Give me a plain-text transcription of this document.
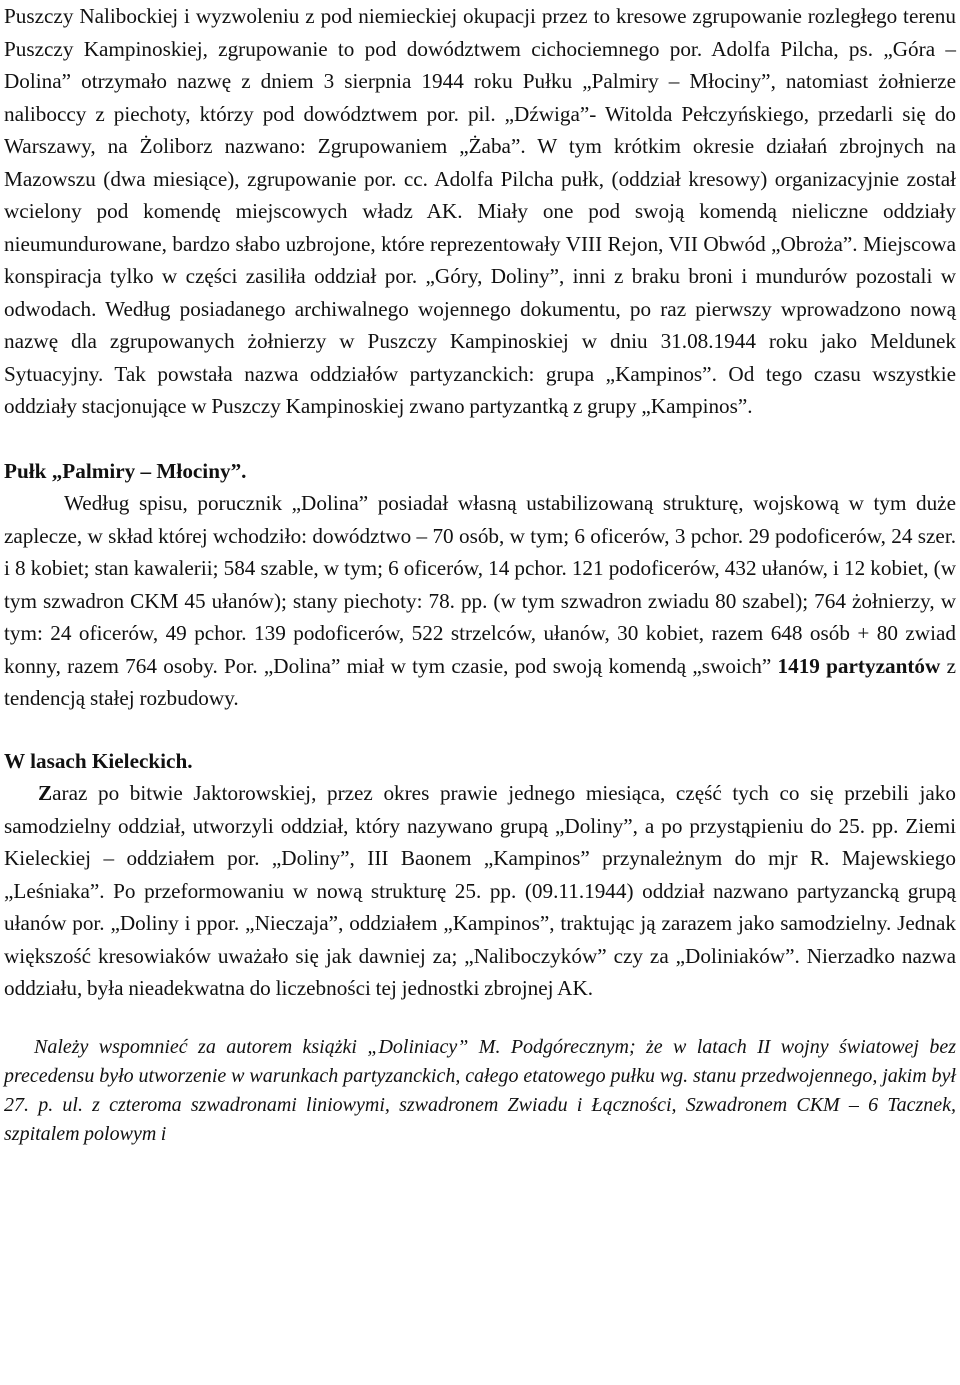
Puszczy Nalibockiej i wyzwoleniu z pod niemieckiej okupacji przez to kresowe zgrupowanie rozległego terenu Puszczy Kampinoskiej, zgrupowanie to pod dowództwem cichociemnego por. Adolfa Pilcha, ps. „Góra – Dolina” otrzymało nazwę z dniem 3 sierpnia 1944 roku Pułku „Palmiry – Młociny”, natomiast żołnierze naliboccy z piechoty, którzy pod dowództwem por. pil. „Dźwiga”- Witolda Pełczyńskiego, przedarli się do Warszawy, na Żoliborz nazwano: Zgrupowaniem „Żaba”. W tym krótkim okresie działań zbrojnych na Mazowszu (dwa miesiące), zgrupowanie por. cc. Adolfa Pilcha pułk, (oddział kresowy) organizacyjnie został wcielony pod komendę miejscowych władz AK. Miały one pod swoją komendą nieliczne oddziały nieumundurowane, bardzo słabo uzbrojone, które reprezentowały VIII Rejon, VII Obwód „Obroża”. Miejscowa konspiracja tylko w części zasiliła oddział por. „Góry, Doliny”, inni z braku broni i mundurów pozostali w odwodach. Według posiadanego archiwalnego wojennego dokumentu, po raz pierwszy wprowadzono nową nazwę dla zgrupowanych żołnierzy w Puszczy Kampinoskiej w dniu 31.08.1944 roku jako Meldunek Sytuacyjny. Tak powstała nazwa oddziałów partyzanckich: grupa „Kampinos”. Od tego czasu wszystkie oddziały stacjonujące w Puszczy Kampinoskiej zwano partyzantką z grupy „Kampinos”.

Pułk „Palmiry – Młociny”.

Według spisu, porucznik „Dolina” posiadał własną ustabilizowaną strukturę, wojskową w tym duże zaplecze, w skład której wchodziło: dowództwo – 70 osób, w tym; 6 oficerów, 3 pchor. 29 podoficerów, 24 szer. i 8 kobiet; stan kawalerii; 584 szable, w tym; 6 oficerów, 14 pchor. 121 podoficerów, 432 ułanów, i 12 kobiet, (w tym szwadron CKM 45 ułanów); stany piechoty: 78. pp. (w tym szwadron zwiadu 80 szabel); 764 żołnierzy, w tym: 24 oficerów, 49 pchor. 139 podoficerów, 522 strzelców, ułanów, 30 kobiet, razem 648 osób + 80 zwiad konny, razem 764 osoby. Por. „Dolina” miał w tym czasie, pod swoją komendą „swoich” 1419 partyzantów z tendencją stałej rozbudowy.

W lasach Kieleckich.

Zaraz po bitwie Jaktorowskiej, przez okres prawie jednego miesiąca, część tych co się przebili jako samodzielny oddział, utworzyli oddział, który nazywano grupą „Doliny”, a po przystąpieniu do 25. pp. Ziemi Kieleckiej – oddziałem por. „Doliny”, III Baonem „Kampinos” przynależnym do mjr R. Majewskiego „Leśniaka”. Po przeformowaniu w nową strukturę 25. pp. (09.11.1944) oddział nazwano partyzancką grupą ułanów por. „Doliny i ppor. „Nieczaja”, oddziałem „Kampinos”, traktując ją zarazem jako samodzielny. Jednak większość kresowiaków uważało się jak dawniej za; „Naliboczyków” czy za „Doliniaków”. Nierzadko nazwa oddziału, była nieadekwatna do liczebności tej jednostki zbrojnej AK.

Należy wspomnieć za autorem książki „Doliniacy” M. Podgórecznym; że w latach II wojny światowej bez precedensu było utworzenie w warunkach partyzanckich, całego etatowego pułku wg. stanu przedwojennego, jakim był 27. p. ul. z czteroma szwadronami liniowymi, szwadronem Zwiadu i Łączności, Szwadronem CKM – 6 Tacznek, szpitalem polowym i
